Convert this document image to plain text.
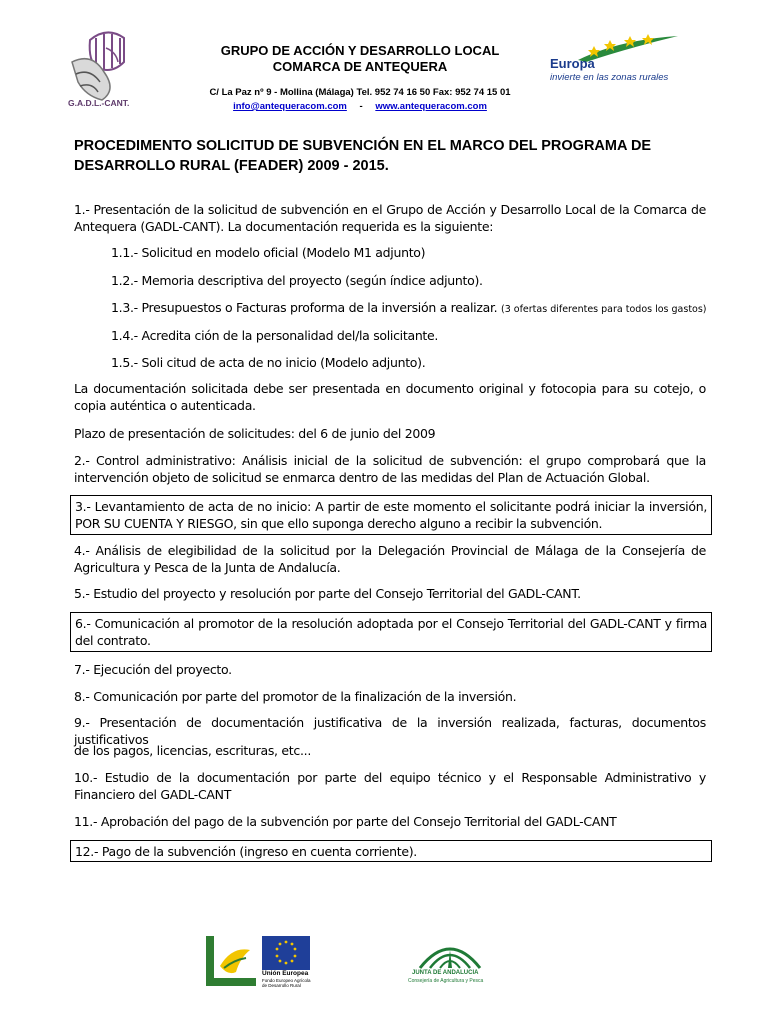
G.A.D.L.-CANT.
GRUPO DE ACCIÓN Y DESARROLLO LOCAL
COMARCA DE ANTEQUERA
C/ La Paz nº 9 - Mollina (Málaga) Tel. 952 74 16 50 Fax: 952 74 15 01
info@antequeracom.com - www.antequeracom.com
Europa
invierte en las zonas rurales
PROCEDIMENTO SOLICITUD DE SUBVENCIÓN EN EL MARCO DEL PROGRAMA DE
DESARROLLO RURAL (FEADER) 2009 - 2015.
1.- Presentación de la solicitud de subvención en el Grupo de Acción y Desarrollo Local de la Comarca de Antequera (GADL-CANT). La documentación requerida es la siguiente:
1.1.- Solicitud en modelo oficial (Modelo M1 adjunto)
1.2.- Memoria descriptiva del proyecto (según índice adjunto).
1.3.- Presupuestos o Facturas proforma de la inversión a realizar. (3 ofertas diferentes para todos los gastos)
1.4.- Acredita ción de la personalidad del/la solicitante.
1.5.- Soli citud de acta de no inicio (Modelo adjunto).
La documentación solicitada debe ser presentada en documento original y fotocopia para su cotejo, o copia auténtica o autenticada.
Plazo de presentación de solicitudes: del 6 de junio del 2009
2.- Control administrativo: Análisis inicial de la solicitud de subvención: el grupo comprobará que la intervención objeto de solicitud se enmarca dentro de las medidas del Plan de Actuación Global.
3.- Levantamiento de acta de no inicio: A partir de este momento el solicitante podrá iniciar la inversión, POR SU CUENTA Y RIESGO, sin que ello suponga derecho alguno a recibir la subvención.
4.- Análisis de elegibilidad de la solicitud por la Delegación Provincial de Málaga de la Consejería de Agricultura y Pesca de la Junta de Andalucía.
5.- Estudio del proyecto y resolución por parte del Consejo Territorial del GADL-CANT.
6.- Comunicación al promotor de la resolución adoptada por el Consejo Territorial del GADL-CANT y firma del contrato.
7.- Ejecución del proyecto.
8.- Comunicación por parte del promotor de la finalización de la inversión.
9.- Presentación de documentación justificativa de la inversión realizada, facturas, documentos justificativos
de los pagos, licencias, escrituras, etc...
10.- Estudio de la documentación por parte del equipo técnico y el Responsable Administrativo y Financiero del GADL-CANT
11.- Aprobación del pago de la subvención por parte del Consejo Territorial del GADL-CANT
12.- Pago de la subvención (ingreso en cuenta corriente).
Unión Europea
Fondo Europeo Agrícola
de Desarrollo Rural
JUNTA DE ANDALUCIA
Consejería de Agricultura y Pesca
